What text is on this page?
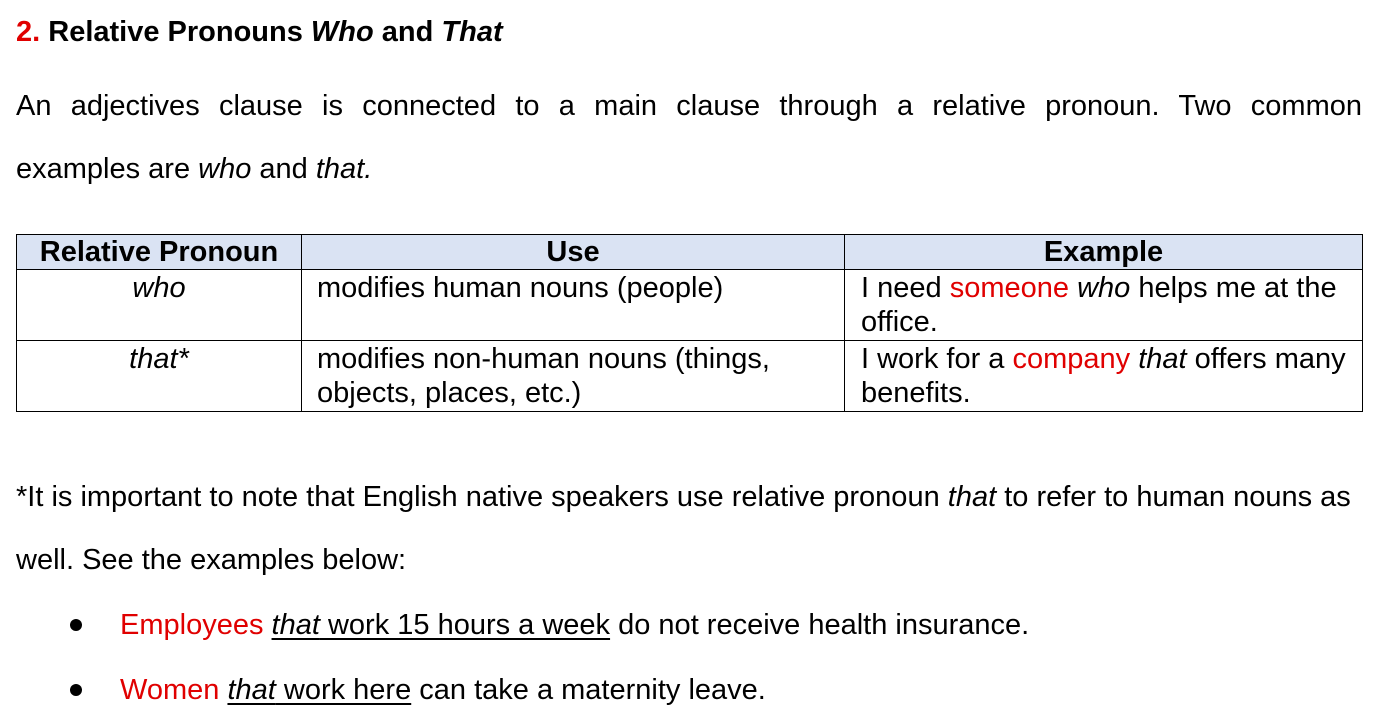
2. Relative Pronouns Who and That
An adjectives clause is connected to a main clause through a relative pronoun. Two common
examples are who and that.
Relative Pronoun	Use	Example
who	modifies human nouns (people)	I need someone who helps me at the office.
that*	modifies non-human nouns (things, objects, places, etc.)	I work for a company that offers many benefits.
*It is important to note that English native speakers use relative pronoun that to refer to human nouns as well. See the examples below:
Employees that work 15 hours a week do not receive health insurance.
Women that work here can take a maternity leave.
